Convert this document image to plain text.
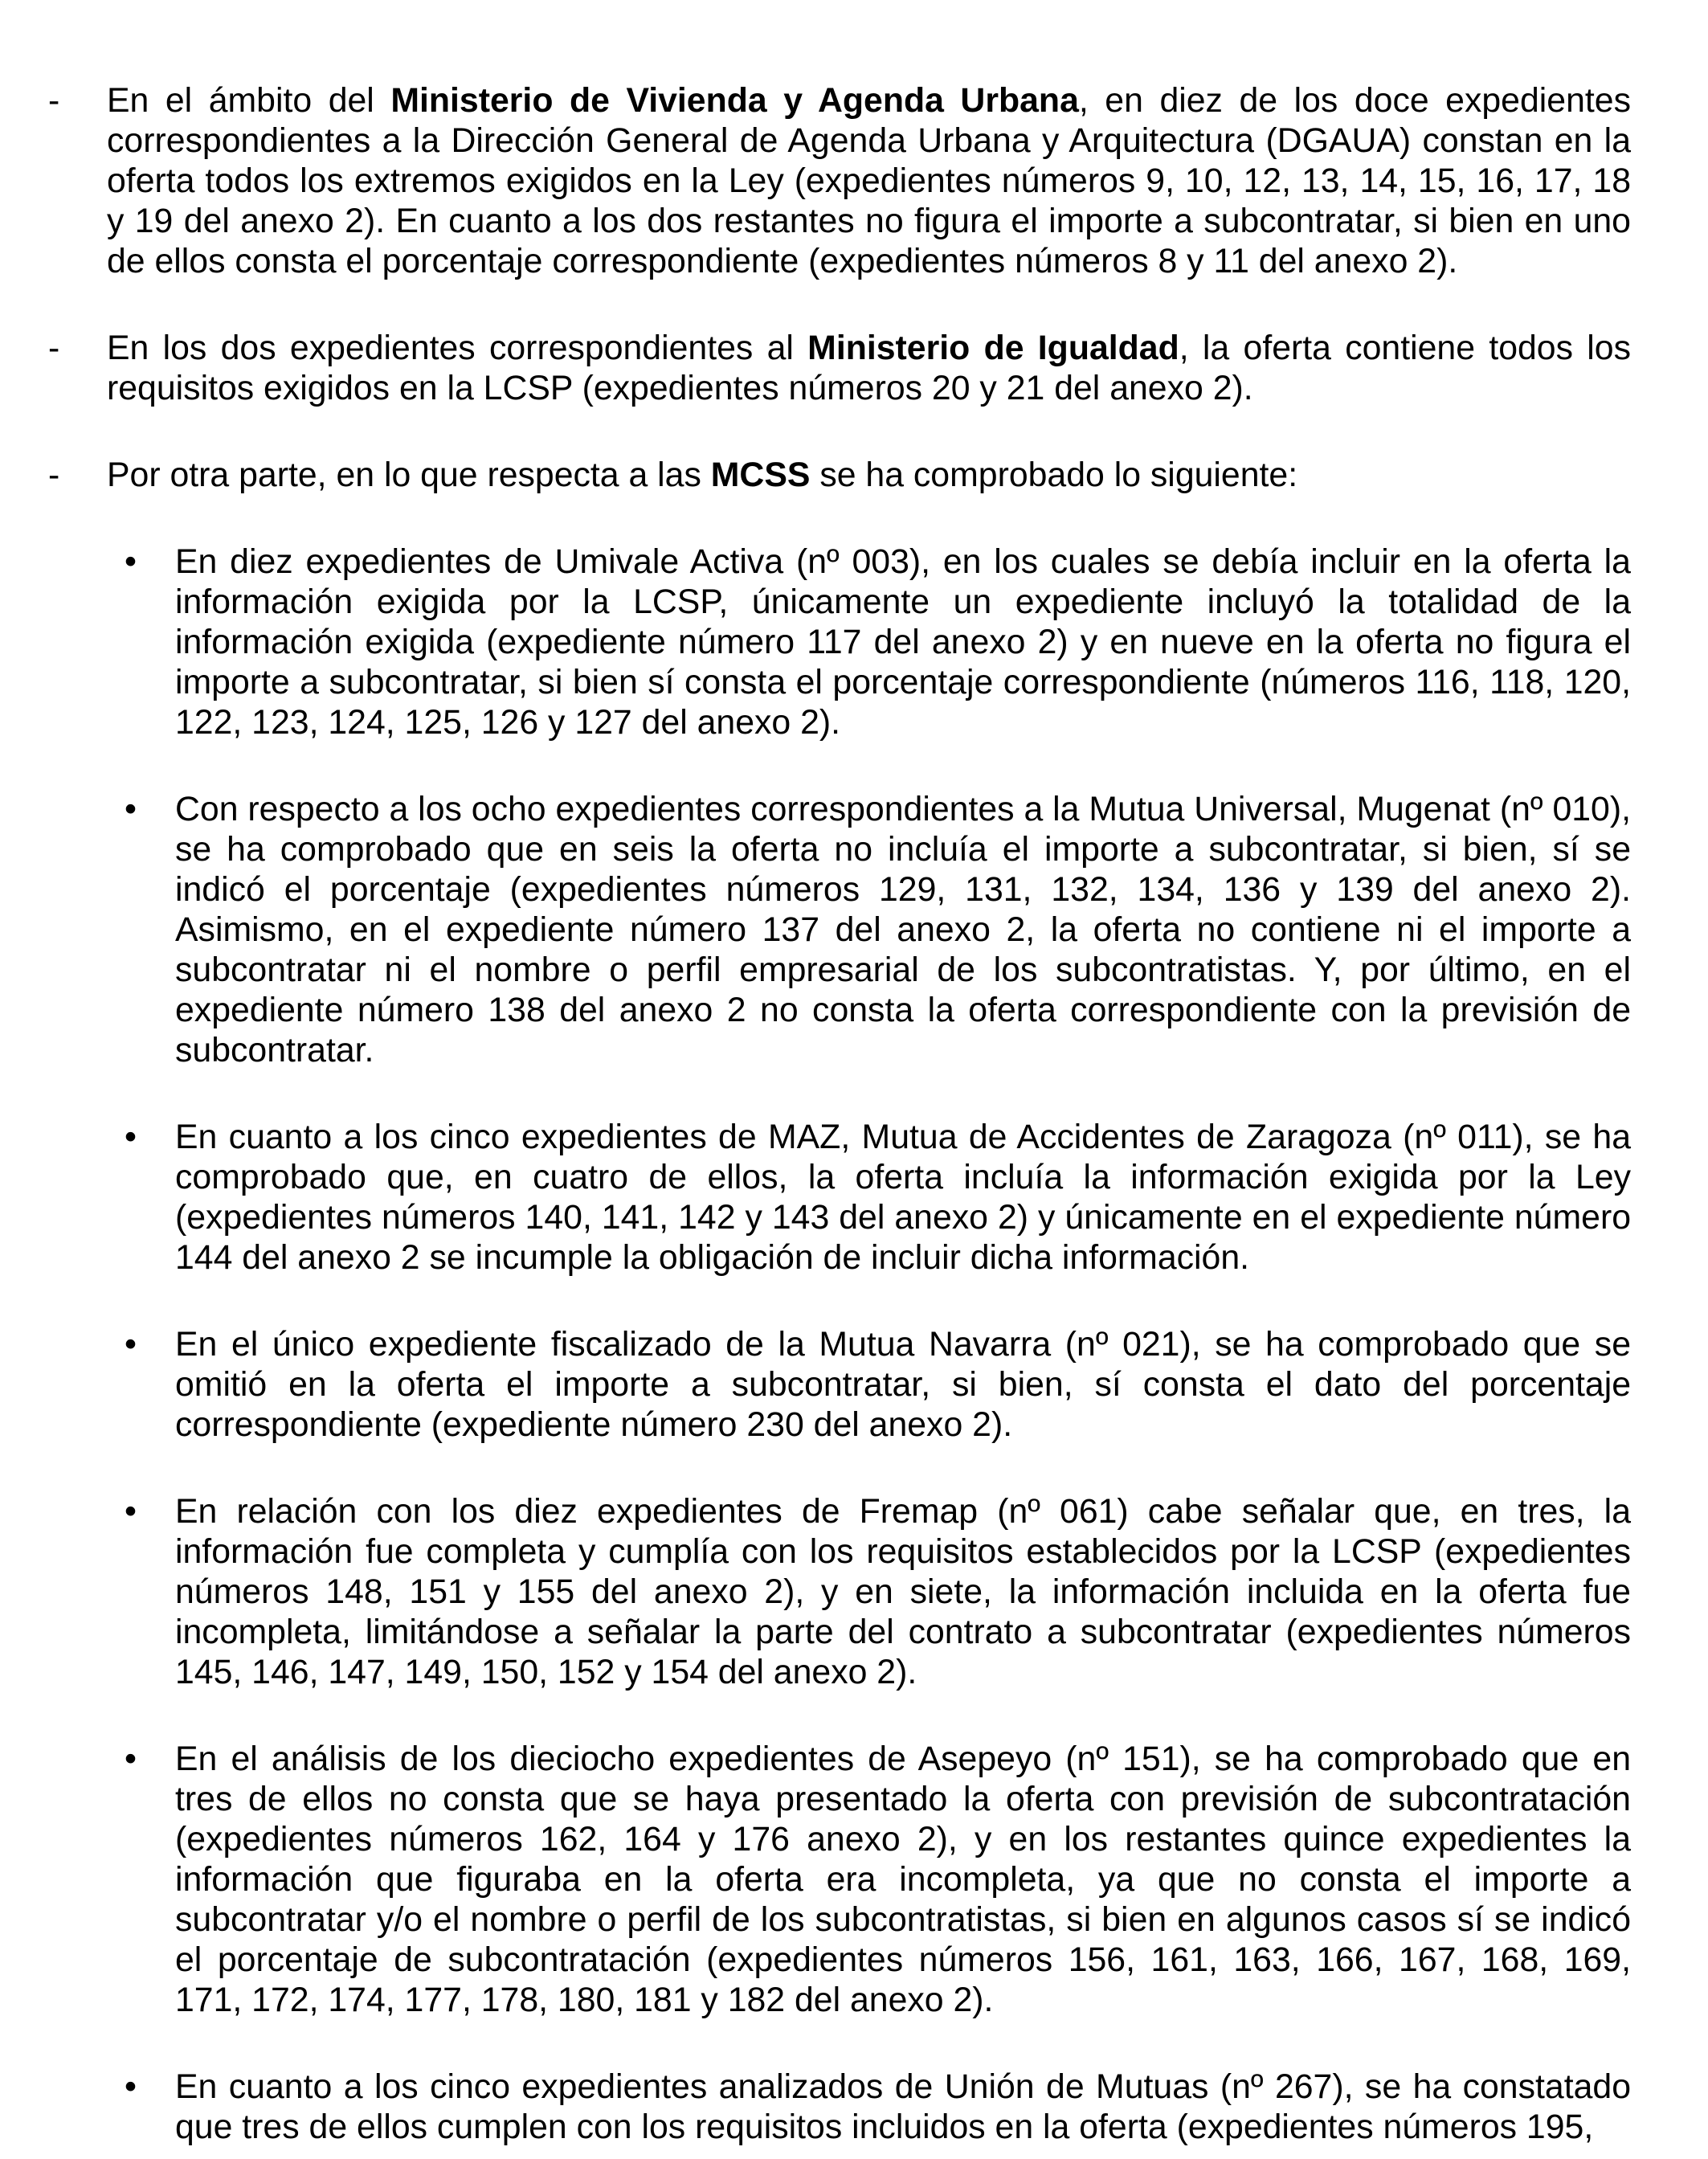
- En el ámbito del Ministerio de Vivienda y Agenda Urbana, en diez de los doce expedientes correspondientes a la Dirección General de Agenda Urbana y Arquitectura (DGAUA) constan en la oferta todos los extremos exigidos en la Ley (expedientes números 9, 10, 12, 13, 14, 15, 16, 17, 18 y 19 del anexo 2). En cuanto a los dos restantes no figura el importe a subcontratar, si bien en uno de ellos consta el porcentaje correspondiente (expedientes números 8 y 11 del anexo 2).
- En los dos expedientes correspondientes al Ministerio de Igualdad, la oferta contiene todos los requisitos exigidos en la LCSP (expedientes números 20 y 21 del anexo 2).
- Por otra parte, en lo que respecta a las MCSS se ha comprobado lo siguiente:
• En diez expedientes de Umivale Activa (nº 003), en los cuales se debía incluir en la oferta la información exigida por la LCSP, únicamente un expediente incluyó la totalidad de la información exigida (expediente número 117 del anexo 2) y en nueve en la oferta no figura el importe a subcontratar, si bien sí consta el porcentaje correspondiente (números 116, 118, 120, 122, 123, 124, 125, 126 y 127 del anexo 2).
• Con respecto a los ocho expedientes correspondientes a la Mutua Universal, Mugenat (nº 010), se ha comprobado que en seis la oferta no incluía el importe a subcontratar, si bien, sí se indicó el porcentaje (expedientes números 129, 131, 132, 134, 136 y 139 del anexo 2). Asimismo, en el expediente número 137 del anexo 2, la oferta no contiene ni el importe a subcontratar ni el nombre o perfil empresarial de los subcontratistas. Y, por último, en el expediente número 138 del anexo 2 no consta la oferta correspondiente con la previsión de subcontratar.
• En cuanto a los cinco expedientes de MAZ, Mutua de Accidentes de Zaragoza (nº 011), se ha comprobado que, en cuatro de ellos, la oferta incluía la información exigida por la Ley (expedientes números 140, 141, 142 y 143 del anexo 2) y únicamente en el expediente número 144 del anexo 2 se incumple la obligación de incluir dicha información.
• En el único expediente fiscalizado de la Mutua Navarra (nº 021), se ha comprobado que se omitió en la oferta el importe a subcontratar, si bien, sí consta el dato del porcentaje correspondiente (expediente número 230 del anexo 2).
• En relación con los diez expedientes de Fremap (nº 061) cabe señalar que, en tres, la información fue completa y cumplía con los requisitos establecidos por la LCSP (expedientes números 148, 151 y 155 del anexo 2), y en siete, la información incluida en la oferta fue incompleta, limitándose a señalar la parte del contrato a subcontratar (expedientes números 145, 146, 147, 149, 150, 152 y 154 del anexo 2).
• En el análisis de los dieciocho expedientes de Asepeyo (nº 151), se ha comprobado que en tres de ellos no consta que se haya presentado la oferta con previsión de subcontratación (expedientes números 162, 164 y 176 anexo 2), y en los restantes quince expedientes la información que figuraba en la oferta era incompleta, ya que no consta el importe a subcontratar y/o el nombre o perfil de los subcontratistas, si bien en algunos casos sí se indicó el porcentaje de subcontratación (expedientes números 156, 161, 163, 166, 167, 168, 169, 171, 172, 174, 177, 178, 180, 181 y 182 del anexo 2).
• En cuanto a los cinco expedientes analizados de Unión de Mutuas (nº 267), se ha constatado que tres de ellos cumplen con los requisitos incluidos en la oferta (expedientes números 195,
